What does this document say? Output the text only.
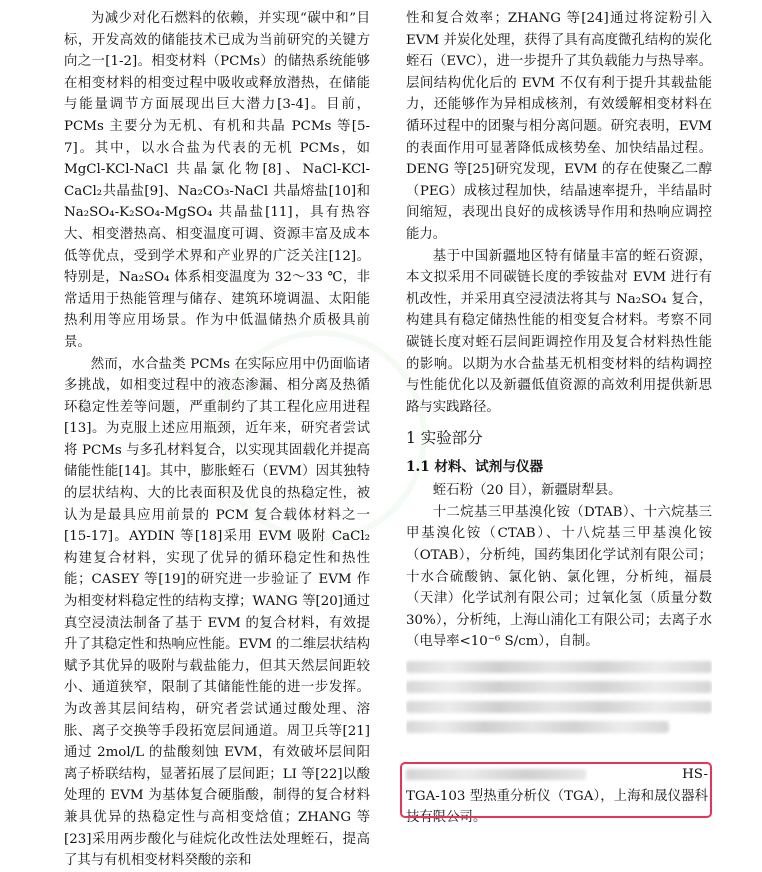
为减少对化石燃料的依赖，并实现“碳中和”目标，开发高效的储能技术已成为当前研究的关键方向之一[1-2]。相变材料（PCMs）的储热系统能够在相变材料的相变过程中吸收或释放潜热，在储能与能量调节方面展现出巨大潜力[3-4]。目前，PCMs 主要分为无机、有机和共晶 PCMs 等[5-7]。其中，以水合盐为代表的无机 PCMs，如 MgCl-KCl-NaCl 共晶氯化物[8]、NaCl-KCl-CaCl₂共晶盐[9]、Na₂CO₃-NaCl 共晶熔盐[10]和 Na₂SO₄-K₂SO₄-MgSO₄ 共晶盐[11]，具有热容大、相变潜热高、相变温度可调、资源丰富及成本低等优点，受到学术界和产业界的广泛关注[12]。特别是，Na₂SO₄ 体系相变温度为 32～33 ℃，非常适用于热能管理与储存、建筑环境调温、太阳能热利用等应用场景。作为中低温储热介质极具前景。

然而，水合盐类 PCMs 在实际应用中仍面临诸多挑战，如相变过程中的液态渗漏、相分离及热循环稳定性差等问题，严重制约了其工程化应用进程[13]。为克服上述应用瓶颈，近年来，研究者尝试将 PCMs 与多孔材料复合，以实现其固载化并提高储能性能[14]。其中，膨胀蛭石（EVM）因其独特的层状结构、大的比表面积及优良的热稳定性，被认为是最具应用前景的 PCM 复合载体材料之一[15-17]。AYDIN 等[18]采用 EVM 吸附 CaCl₂ 构建复合材料，实现了优异的循环稳定性和热性能；CASEY 等[19]的研究进一步验证了 EVM 作为相变材料稳定性的结构支撑；WANG 等[20]通过真空浸渍法制备了基于 EVM 的复合材料，有效提升了其稳定性和热响应性能。EVM 的二维层状结构赋予其优异的吸附与载盐能力，但其天然层间距较小、通道狭窄，限制了其储能性能的进一步发挥。为改善其层间结构，研究者尝试通过酸处理、溶胀、离子交换等手段拓宽层间通道。周卫兵等[21]通过 2mol/L 的盐酸刻蚀 EVM，有效破坏层间阳离子桥联结构，显著拓展了层间距；LI 等[22]以酸处理的 EVM 为基体复合硬脂酸，制得的复合材料兼具优异的热稳定性与高相变焓值；ZHANG 等[23]采用两步酸化与硅烷化改性法处理蛭石，提高了其与有机相变材料癸酸的亲和

性和复合效率；ZHANG 等[24]通过将淀粉引入 EVM 并炭化处理，获得了具有高度微孔结构的炭化蛭石（EVC），进一步提升了其负载能力与热导率。层间结构优化后的 EVM 不仅有利于提升其载盐能力，还能够作为异相成核剂，有效缓解相变材料在循环过程中的团聚与相分离问题。研究表明，EVM 的表面作用可显著降低成核势垒、加快结晶过程。DENG 等[25]研究发现，EVM 的存在使聚乙二醇（PEG）成核过程加快，结晶速率提升，半结晶时间缩短，表现出良好的成核诱导作用和热响应调控能力。

基于中国新疆地区特有储量丰富的蛭石资源，本文拟采用不同碳链长度的季铵盐对 EVM 进行有机改性，并采用真空浸渍法将其与 Na₂SO₄ 复合，构建具有稳定储热性能的相变复合材料。考察不同碳链长度对蛭石层间距调控作用及复合材料热性能的影响。以期为水合盐基无机相变材料的结构调控与性能优化以及新疆低值资源的高效利用提供新思路与实践路径。

1 实验部分
1.1 材料、试剂与仪器

蛭石粉（20 目），新疆尉犁县。

十二烷基三甲基溴化铵（DTAB）、十六烷基三甲基溴化铵（CTAB）、十八烷基三甲基溴化铵（OTAB），分析纯，国药集团化学试剂有限公司；十水合硫酸钠、氯化钠、氯化锂，分析纯，福晨（天津）化学试剂有限公司；过氧化氢（质量分数 30%），分析纯，上海山浦化工有限公司；去离子水（电导率<10⁻⁶ S/cm），自制。

HS-

TGA-103 型热重分析仪（TGA），上海和晟仪器科技有限公司。
